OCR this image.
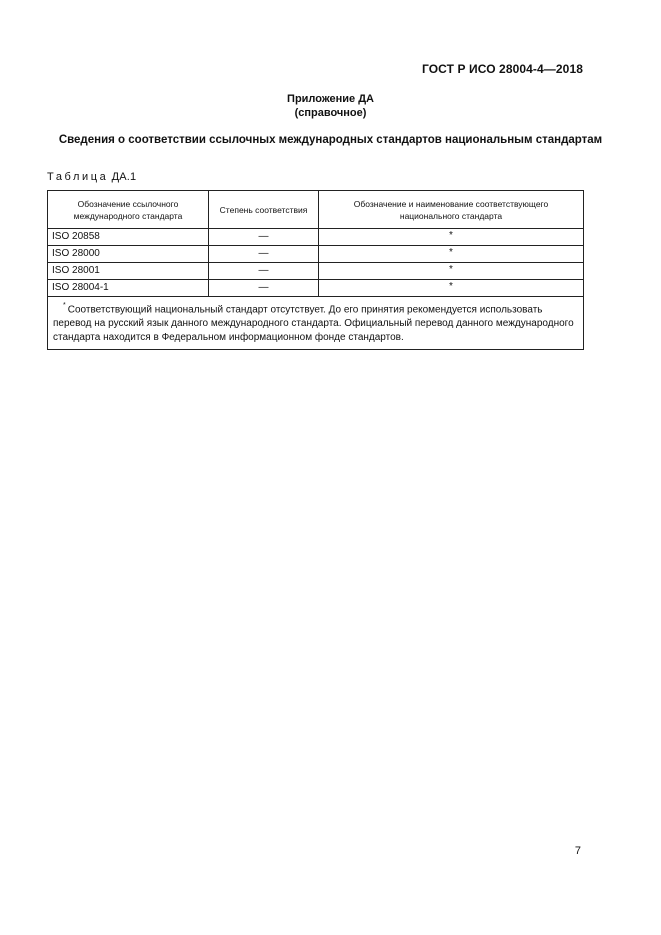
ГОСТ Р ИСО 28004-4—2018
Приложение ДА
(справочное)
Сведения о соответствии ссылочных международных стандартов национальным стандартам
Таблица ДА.1
Обозначение ссылочного международного стандарта	Степень соответствия	Обозначение и наименование соответствующего национального стандарта
ISO 20858	—	*
ISO 28000	—	*
ISO 28001	—	*
ISO 28004-1	—	*
* Соответствующий национальный стандарт отсутствует. До его принятия рекомендуется использовать перевод на русский язык данного международного стандарта. Официальный перевод данного международного стандарта находится в Федеральном информационном фонде стандартов.		
7
